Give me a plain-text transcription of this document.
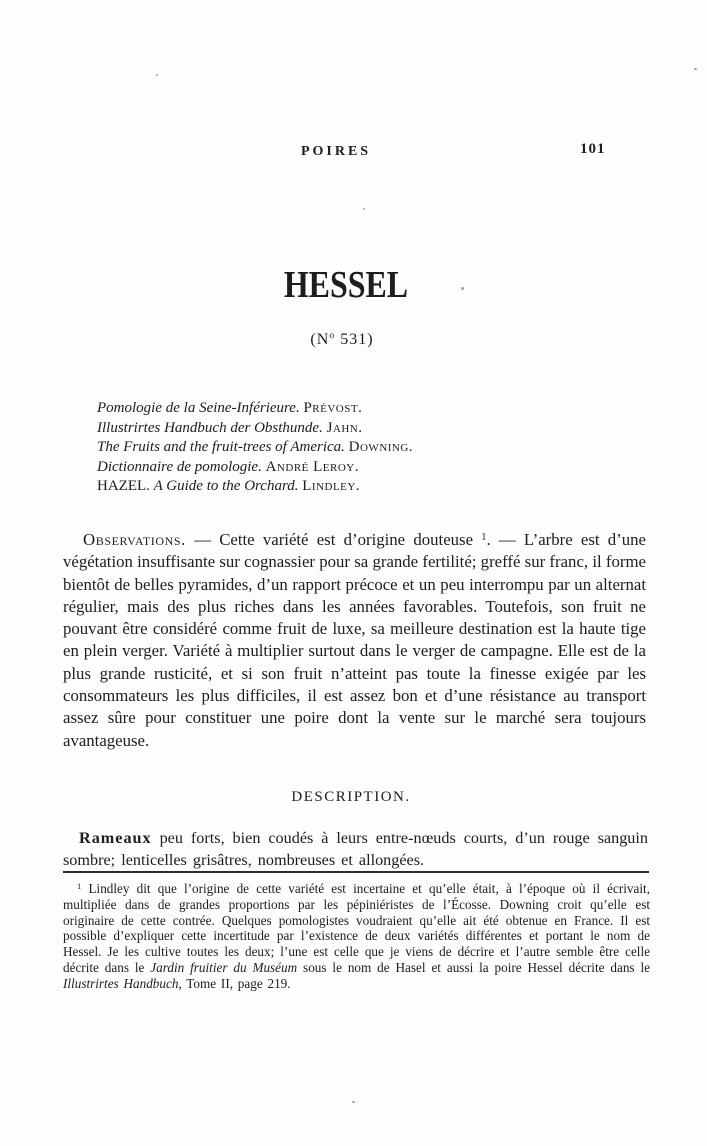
POIRES	101
HESSEL
($N^o$ 531)
Pomologie de la Seine-Inférieure. Prévost.
Illustrirtes Handbuch der Obsthunde. Jahn.
The Fruits and the fruit-trees of America. Downing.
Dictionnaire de pomologie. André Leroy.
HAZEL. A Guide to the Orchard. Lindley.

Observations. — Cette variété est d’origine douteuse $^1$. — L’arbre est d’une végétation insuffisante sur cognassier pour sa grande fertilité; greffé sur franc, il forme bientôt de belles pyramides, d’un rapport précoce et un peu interrompu par un alternat régulier, mais des plus riches dans les années favorables. Toutefois, son fruit ne pouvant être considéré comme fruit de luxe, sa meilleure destination est la haute tige en plein verger. Variété à multiplier surtout dans le verger de campagne. Elle est de la plus grande rusticité, et si son fruit n’atteint pas toute la finesse exigée par les consommateurs les plus difficiles, il est assez bon et d’une résistance au transport assez sûre pour constituer une poire dont la vente sur le marché sera toujours avantageuse.

DESCRIPTION.

Rameaux peu forts, bien coudés à leurs entre-nœuds courts, d’un rouge sanguin sombre; lenticelles grisâtres, nombreuses et allongées.

$^1$ Lindley dit que l’origine de cette variété est incertaine et qu’elle était, à l’époque où il écrivait, multipliée dans de grandes proportions par les pépiniéristes de l’Écosse. Downing croit qu’elle est originaire de cette contrée. Quelques pomologistes voudraient qu’elle ait été obtenue en France. Il est possible d’expliquer cette incertitude par l’existence de deux variétés différentes et portant le nom de Hessel. Je les cultive toutes les deux; l’une est celle que je viens de décrire et l’autre semble être celle décrite dans le Jardin fruitier du Muséum sous le nom de Hasel et aussi la poire Hessel décrite dans le Illustrirtes Handbuch, Tome II, page 219.
